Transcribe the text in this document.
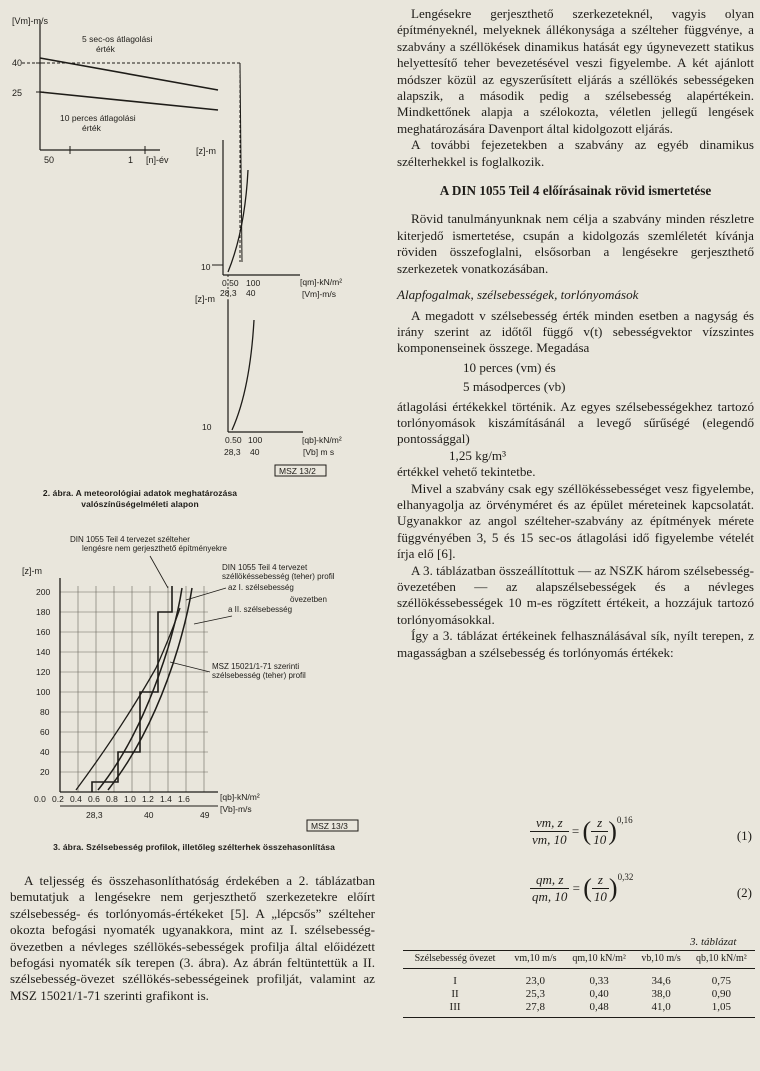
[Vm]-m/s
40
25
5 sec-os átlagolási
érték
10 perces átlagolási
érték
50	1 [n]-év
[z]-m
10
0.50 100
28,3 40
[qm]-kN/m²
[Vm]-m/s
[z]-m
10
0.50 100
28,3 40
[qb]-kN/m²
[Vb] m s
MSZ 13/2
2. ábra. A meteorológiai adatok meghatározása valószínűségelméleti alapon
DIN 1055 Teil 4 tervezet szélteher
lengésre nem gerjeszthető építményekre
DIN 1055 Teil 4 tervezet
széllökéssebesség (teher) profil
az I. szélsebesség
övezetben
a II. szélsebesség
MSZ 15021/1-71 szerinti
szélsebesség (teher) profil
[z]-m
200
180
160
140
120
100
80
60
40
20
0.0 0.2 0.4 0.6 0.8 1.0 1.2 1.4 1.6	[qb]-kN/m²
[Vb]-m/s
28,3	40	49
MSZ 13/3
3. ábra. Szélsebesség profilok, illetőleg szélterhek összehasonlítása

A teljesség és összehasonlíthatóság érdekében a 2. táblázatban bemutatjuk a lengésekre nem gerjeszthető szerkezetekre előírt szélsebesség- és torlónyomás-értékeket [5]. A „lépcsős” szélteher okozta befogási nyomaték ugyanakkora, mint az I. szélsebesség-övezetben a névleges széllökés-sebességek profilja által előidézett befogási nyomaték sík terepen (3. ábra). Az ábrán feltüntettük a II. szélsebesség-övezet széllökés-sebességeinek profilját, valamint az MSZ 15021/1-71 szerinti grafikont is.

Lengésekre gerjeszthető szerkezeteknél, vagyis olyan építményeknél, melyeknek állékonysága a szélteher függvénye, a szabvány a széllökések dinamikus hatását egy úgynevezett statikus helyettesítő teher bevezetésével veszi figyelembe. A két ajánlott módszer közül az egyszerűsített eljárás a széllökés sebességeken alapszik, a második pedig a szélsebesség alapértékein. Mindkettőnek alapja a szélokozta, véletlen jellegű lengések meghatározására Davenport által kidolgozott eljárás.

A további fejezetekben a szabvány az egyéb dinamikus szélterhekkel is foglalkozik.

A DIN 1055 Teil 4 előírásainak rövid ismertetése

Rövid tanulmányunknak nem célja a szabvány minden részletre kiterjedő ismertetése, csupán a kidolgozás szemléletét kívánja röviden összefoglalni, elsősorban a lengésekre gerjeszthető szerkezetek vonatkozásában.

Alapfogalmak, szélsebességek, torlónyomások

A megadott v szélsebesség érték minden esetben a nagyság és irány szerint az időtől függő v(t) sebességvektor vízszintes komponenseinek összege. Megadása

10 perces (vm) és

5 másodperces (vb)

átlagolási értékekkel történik. Az egyes szélsebességekhez tartozó torlónyomások kiszámításánál a levegő sűrűségé (elegendő pontossággal)

1,25 kg/m³

értékkel vehető tekintetbe.

Mivel a szabvány csak egy széllökéssebességet vesz figyelembe, elhanyagolja az örvényméret és az épület méreteinek kapcsolatát. Ugyanakkor az angol szélteher-szabvány az építmények mérete függvényében 3, 5 és 15 sec-os átlagolási idő figyelembe vételét írja elő [6].

A 3. táblázatban összeállítottuk — az NSZK három szélsebesség-övezetében — az alapszélsebességek és a névleges széllökéssebességek 10 m-es rögzített értékeit, a hozzájuk tartozó torlónyomásokkal.

Így a 3. táblázat értékeinek felhasználásával sík, nyílt terepen, z magasságban a szélsebesség és torlónyomás értékek:

$\frac{vm, z}{vm, 10}$ = ( $\frac{z}{10} )^{0,16}$
(1)
$\frac{qm, z}{qm, 10}$ = ( $\frac{z}{10} )^{0,32}$
(2)
3. táblázat
Szélsebesség övezet	vm,10 m/s	qm,10 kN/m²	vb,10 m/s	qb,10 kN/m²
I	23,0	0,33	34,6	0,75
II	25,3	0,40	38,0	0,90
III	27,8	0,48	41,0	1,05
